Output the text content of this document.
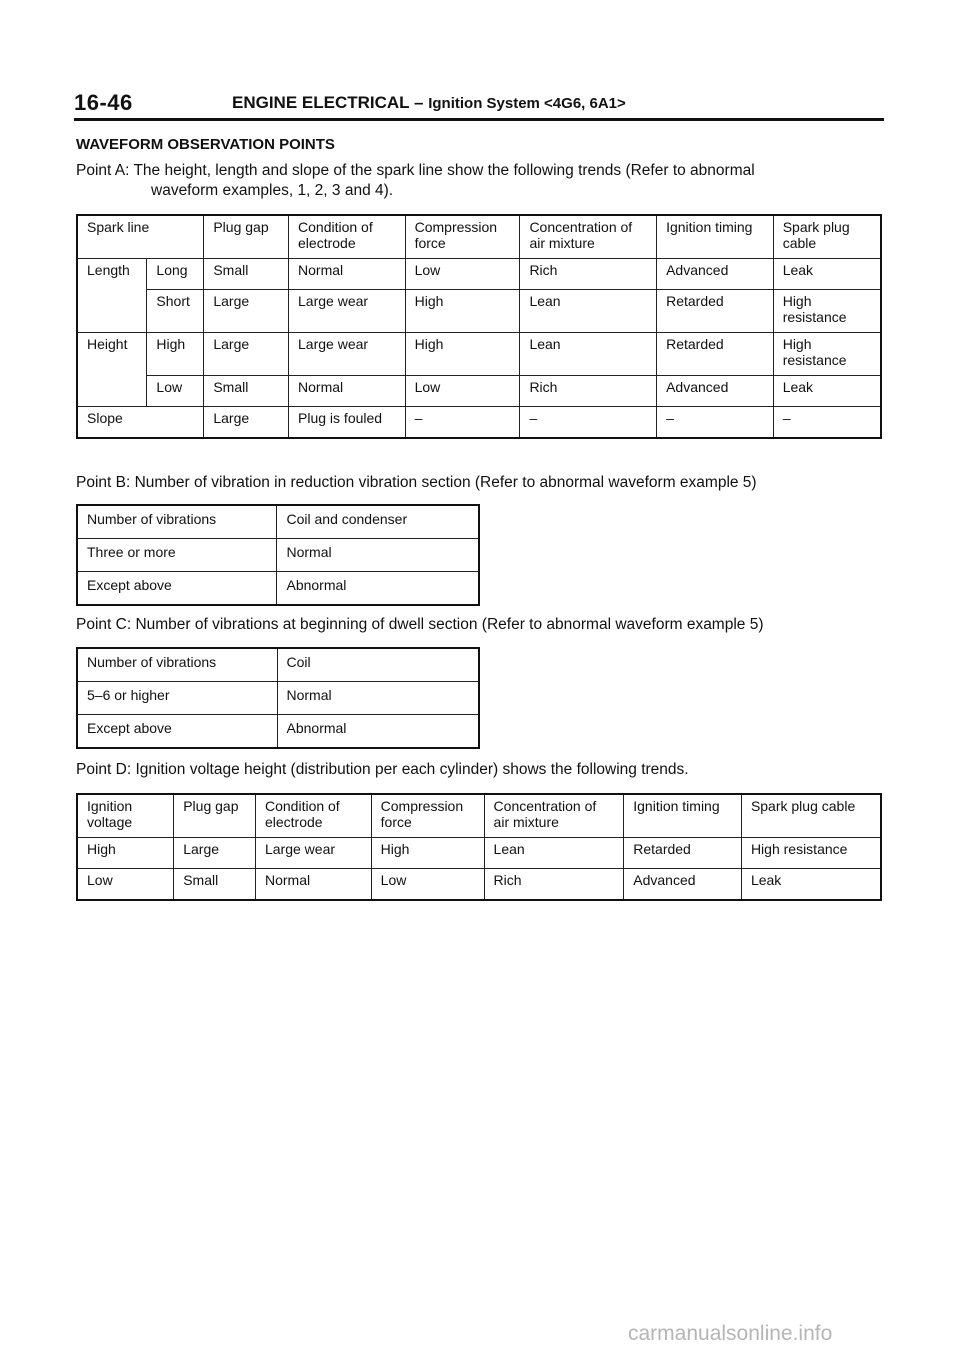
16-46	ENGINE ELECTRICAL – Ignition System <4G6, 6A1>
WAVEFORM OBSERVATION POINTS
Point A: The height, length and slope of the spark line show the following trends (Refer to abnormal
waveform examples, 1, 2, 3 and 4).
Spark line		Plug gap	Condition of electrode	Compression force	Concentration of air mixture	Ignition timing	Spark plug cable
Length	Long	Small	Normal	Low	Rich	Advanced	Leak
	Short	Large	Large wear	High	Lean	Retarded	High resistance
Height	High	Large	Large wear	High	Lean	Retarded	High resistance
	Low	Small	Normal	Low	Rich	Advanced	Leak
Slope		Large	Plug is fouled	–	–	–	–
Point B: Number of vibration in reduction vibration section (Refer to abnormal waveform example 5)
Number of vibrations	Coil and condenser
Three or more	Normal
Except above	Abnormal
Point C: Number of vibrations at beginning of dwell section (Refer to abnormal waveform example 5)
Number of vibrations	Coil
5–6 or higher	Normal
Except above	Abnormal
Point D: Ignition voltage height (distribution per each cylinder) shows the following trends.
Ignition voltage	Plug gap	Condition of electrode	Compression force	Concentration of air mixture	Ignition timing	Spark plug cable
High	Large	Large wear	High	Lean	Retarded	High resistance
Low	Small	Normal	Low	Rich	Advanced	Leak
carmanualsonline.info
